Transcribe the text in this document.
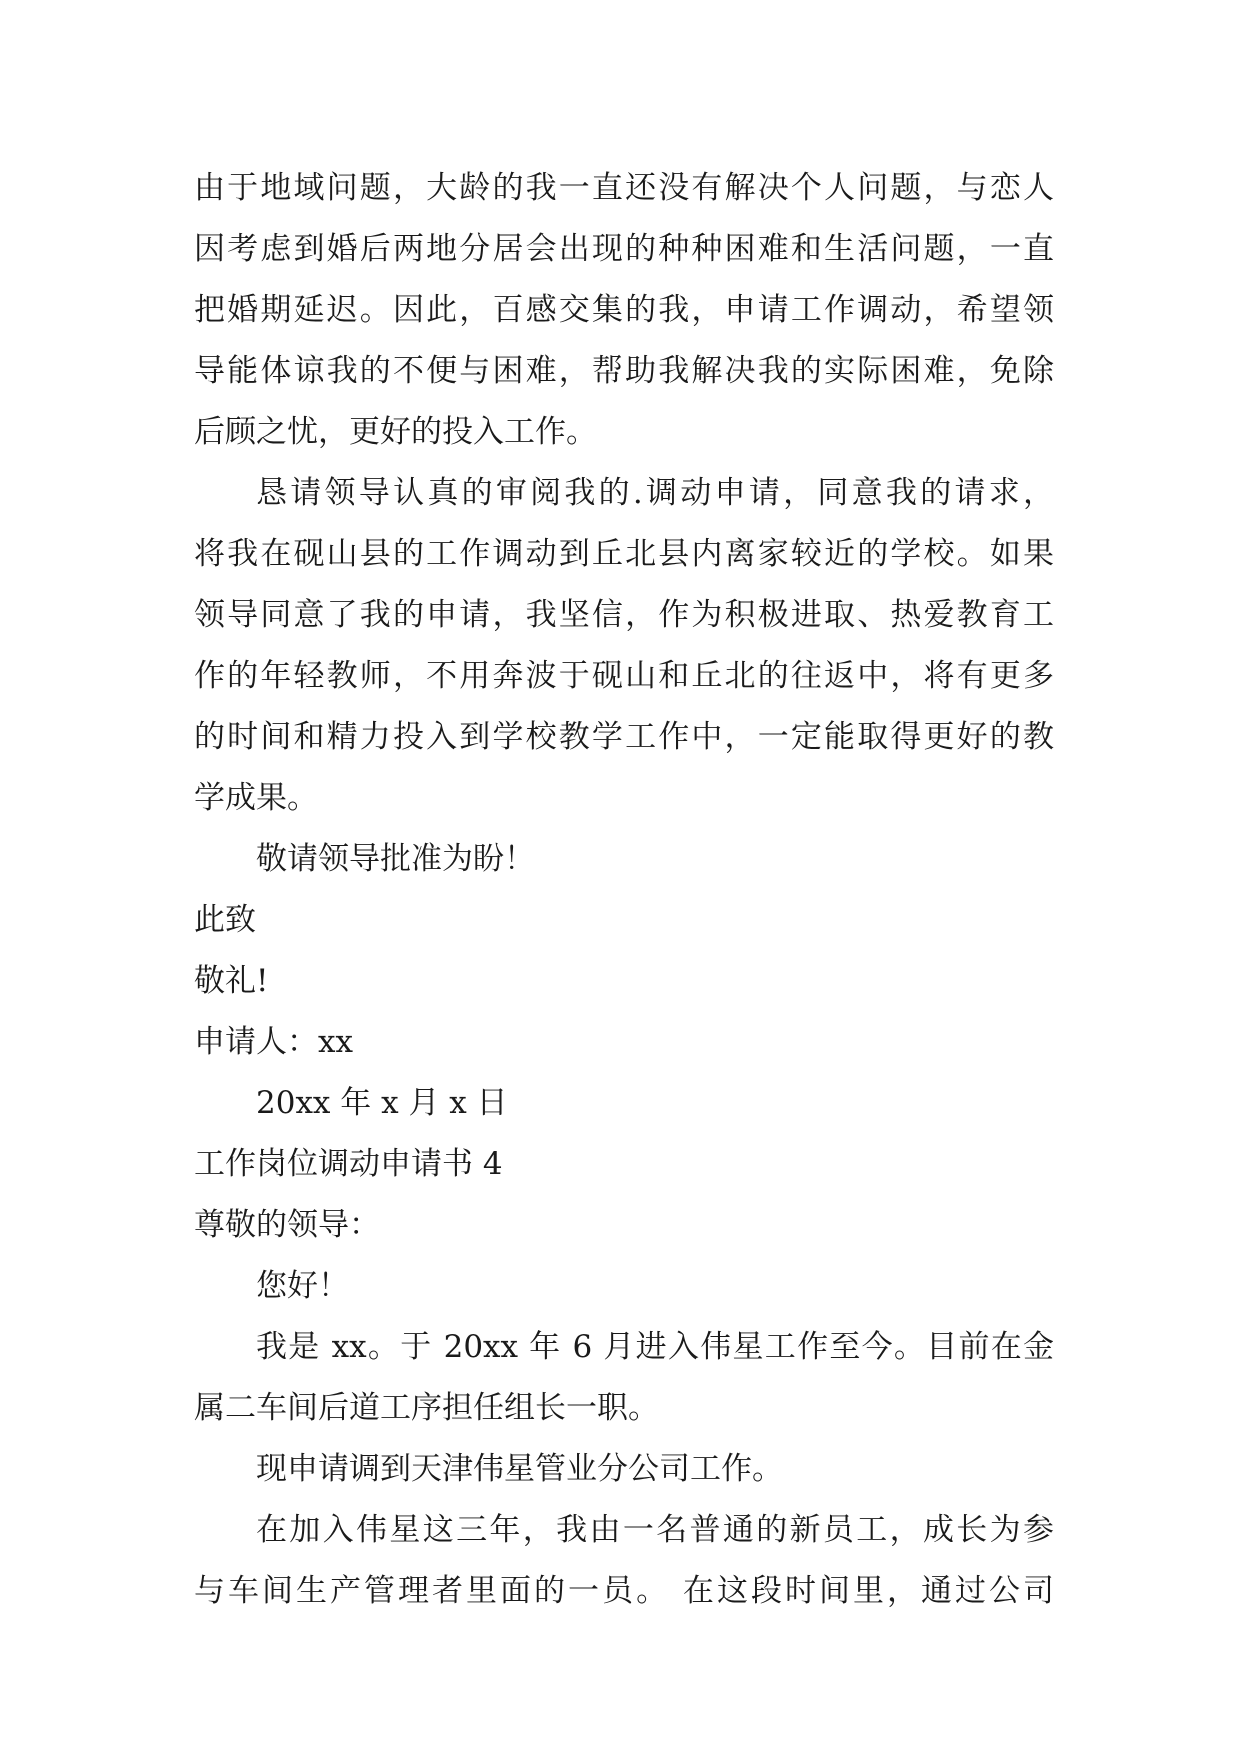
由于地域问题，大龄的我一直还没有解决个人问题，与恋人
因考虑到婚后两地分居会出现的种种困难和生活问题，一直
把婚期延迟。因此，百感交集的我，申请工作调动，希望领
导能体谅我的不便与困难，帮助我解决我的实际困难，免除
后顾之忧，更好的投入工作。
恳请领导认真的审阅我的.调动申请，同意我的请求，
将我在砚山县的工作调动到丘北县内离家较近的学校。如果
领导同意了我的申请，我坚信，作为积极进取、热爱教育工
作的年轻教师，不用奔波于砚山和丘北的往返中，将有更多
的时间和精力投入到学校教学工作中，一定能取得更好的教
学成果。
敬请领导批准为盼！
此致
敬礼!
申请人：xx
20xx 年 x 月 x 日
工作岗位调动申请书 4
尊敬的领导：
您好！
我是 xx。于 20xx 年 6 月进入伟星工作至今。目前在金
属二车间后道工序担任组长一职。
现申请调到天津伟星管业分公司工作。
在加入伟星这三年，我由一名普通的新员工，成长为参
与车间生产管理者里面的一员。 在这段时间里，通过公司
